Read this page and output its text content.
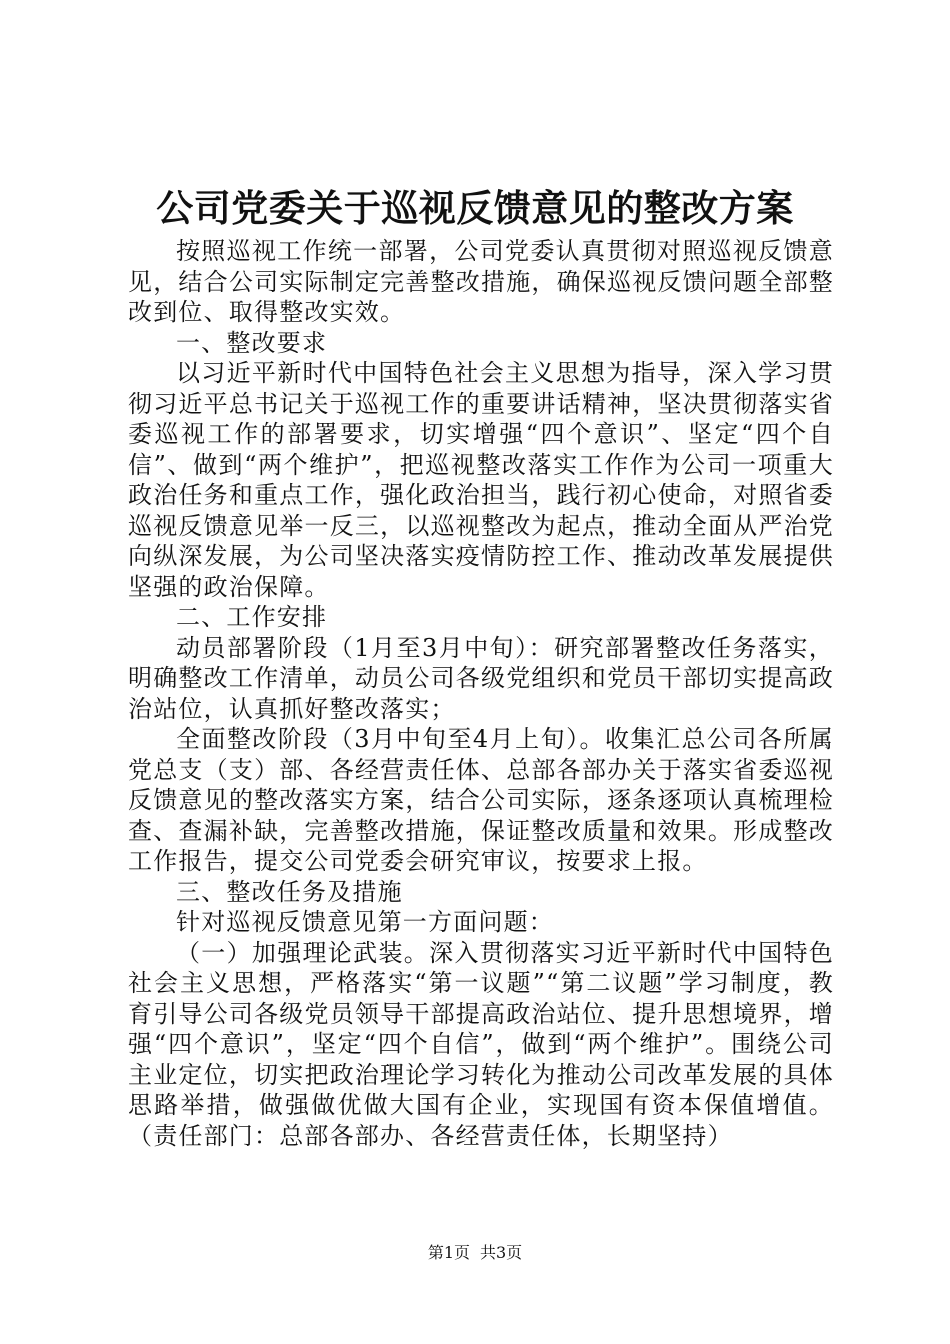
公司党委关于巡视反馈意见的整改方案

按照巡视工作统一部署，公司党委认真贯彻对照巡视反馈意见，结合公司实际制定完善整改措施，确保巡视反馈问题全部整改到位、取得整改实效。

一、整改要求

以习近平新时代中国特色社会主义思想为指导，深入学习贯彻习近平总书记关于巡视工作的重要讲话精神，坚决贯彻落实省委巡视工作的部署要求，切实增强“四个意识”、坚定“四个自信”、做到“两个维护”，把巡视整改落实工作作为公司一项重大政治任务和重点工作，强化政治担当，践行初心使命，对照省委巡视反馈意见举一反三，以巡视整改为起点，推动全面从严治党向纵深发展，为公司坚决落实疫情防控工作、推动改革发展提供坚强的政治保障。

二、工作安排

动员部署阶段（1月至3月中旬）：研究部署整改任务落实，明确整改工作清单，动员公司各级党组织和党员干部切实提高政治站位，认真抓好整改落实；

全面整改阶段（3月中旬至4月上旬）。收集汇总公司各所属党总支（支）部、各经营责任体、总部各部办关于落实省委巡视反馈意见的整改落实方案，结合公司实际，逐条逐项认真梳理检查、查漏补缺，完善整改措施，保证整改质量和效果。形成整改工作报告，提交公司党委会研究审议，按要求上报。

三、整改任务及措施

针对巡视反馈意见第一方面问题：

（一）加强理论武装。深入贯彻落实习近平新时代中国特色社会主义思想，严格落实“第一议题”“第二议题”学习制度，教育引导公司各级党员领导干部提高政治站位、提升思想境界，增强“四个意识”，坚定“四个自信”，做到“两个维护”。围绕公司主业定位，切实把政治理论学习转化为推动公司改革发展的具体思路举措，做强做优做大国有企业，实现国有资本保值增值。（责任部门：总部各部办、各经营责任体，长期坚持）

第1页 共3页
